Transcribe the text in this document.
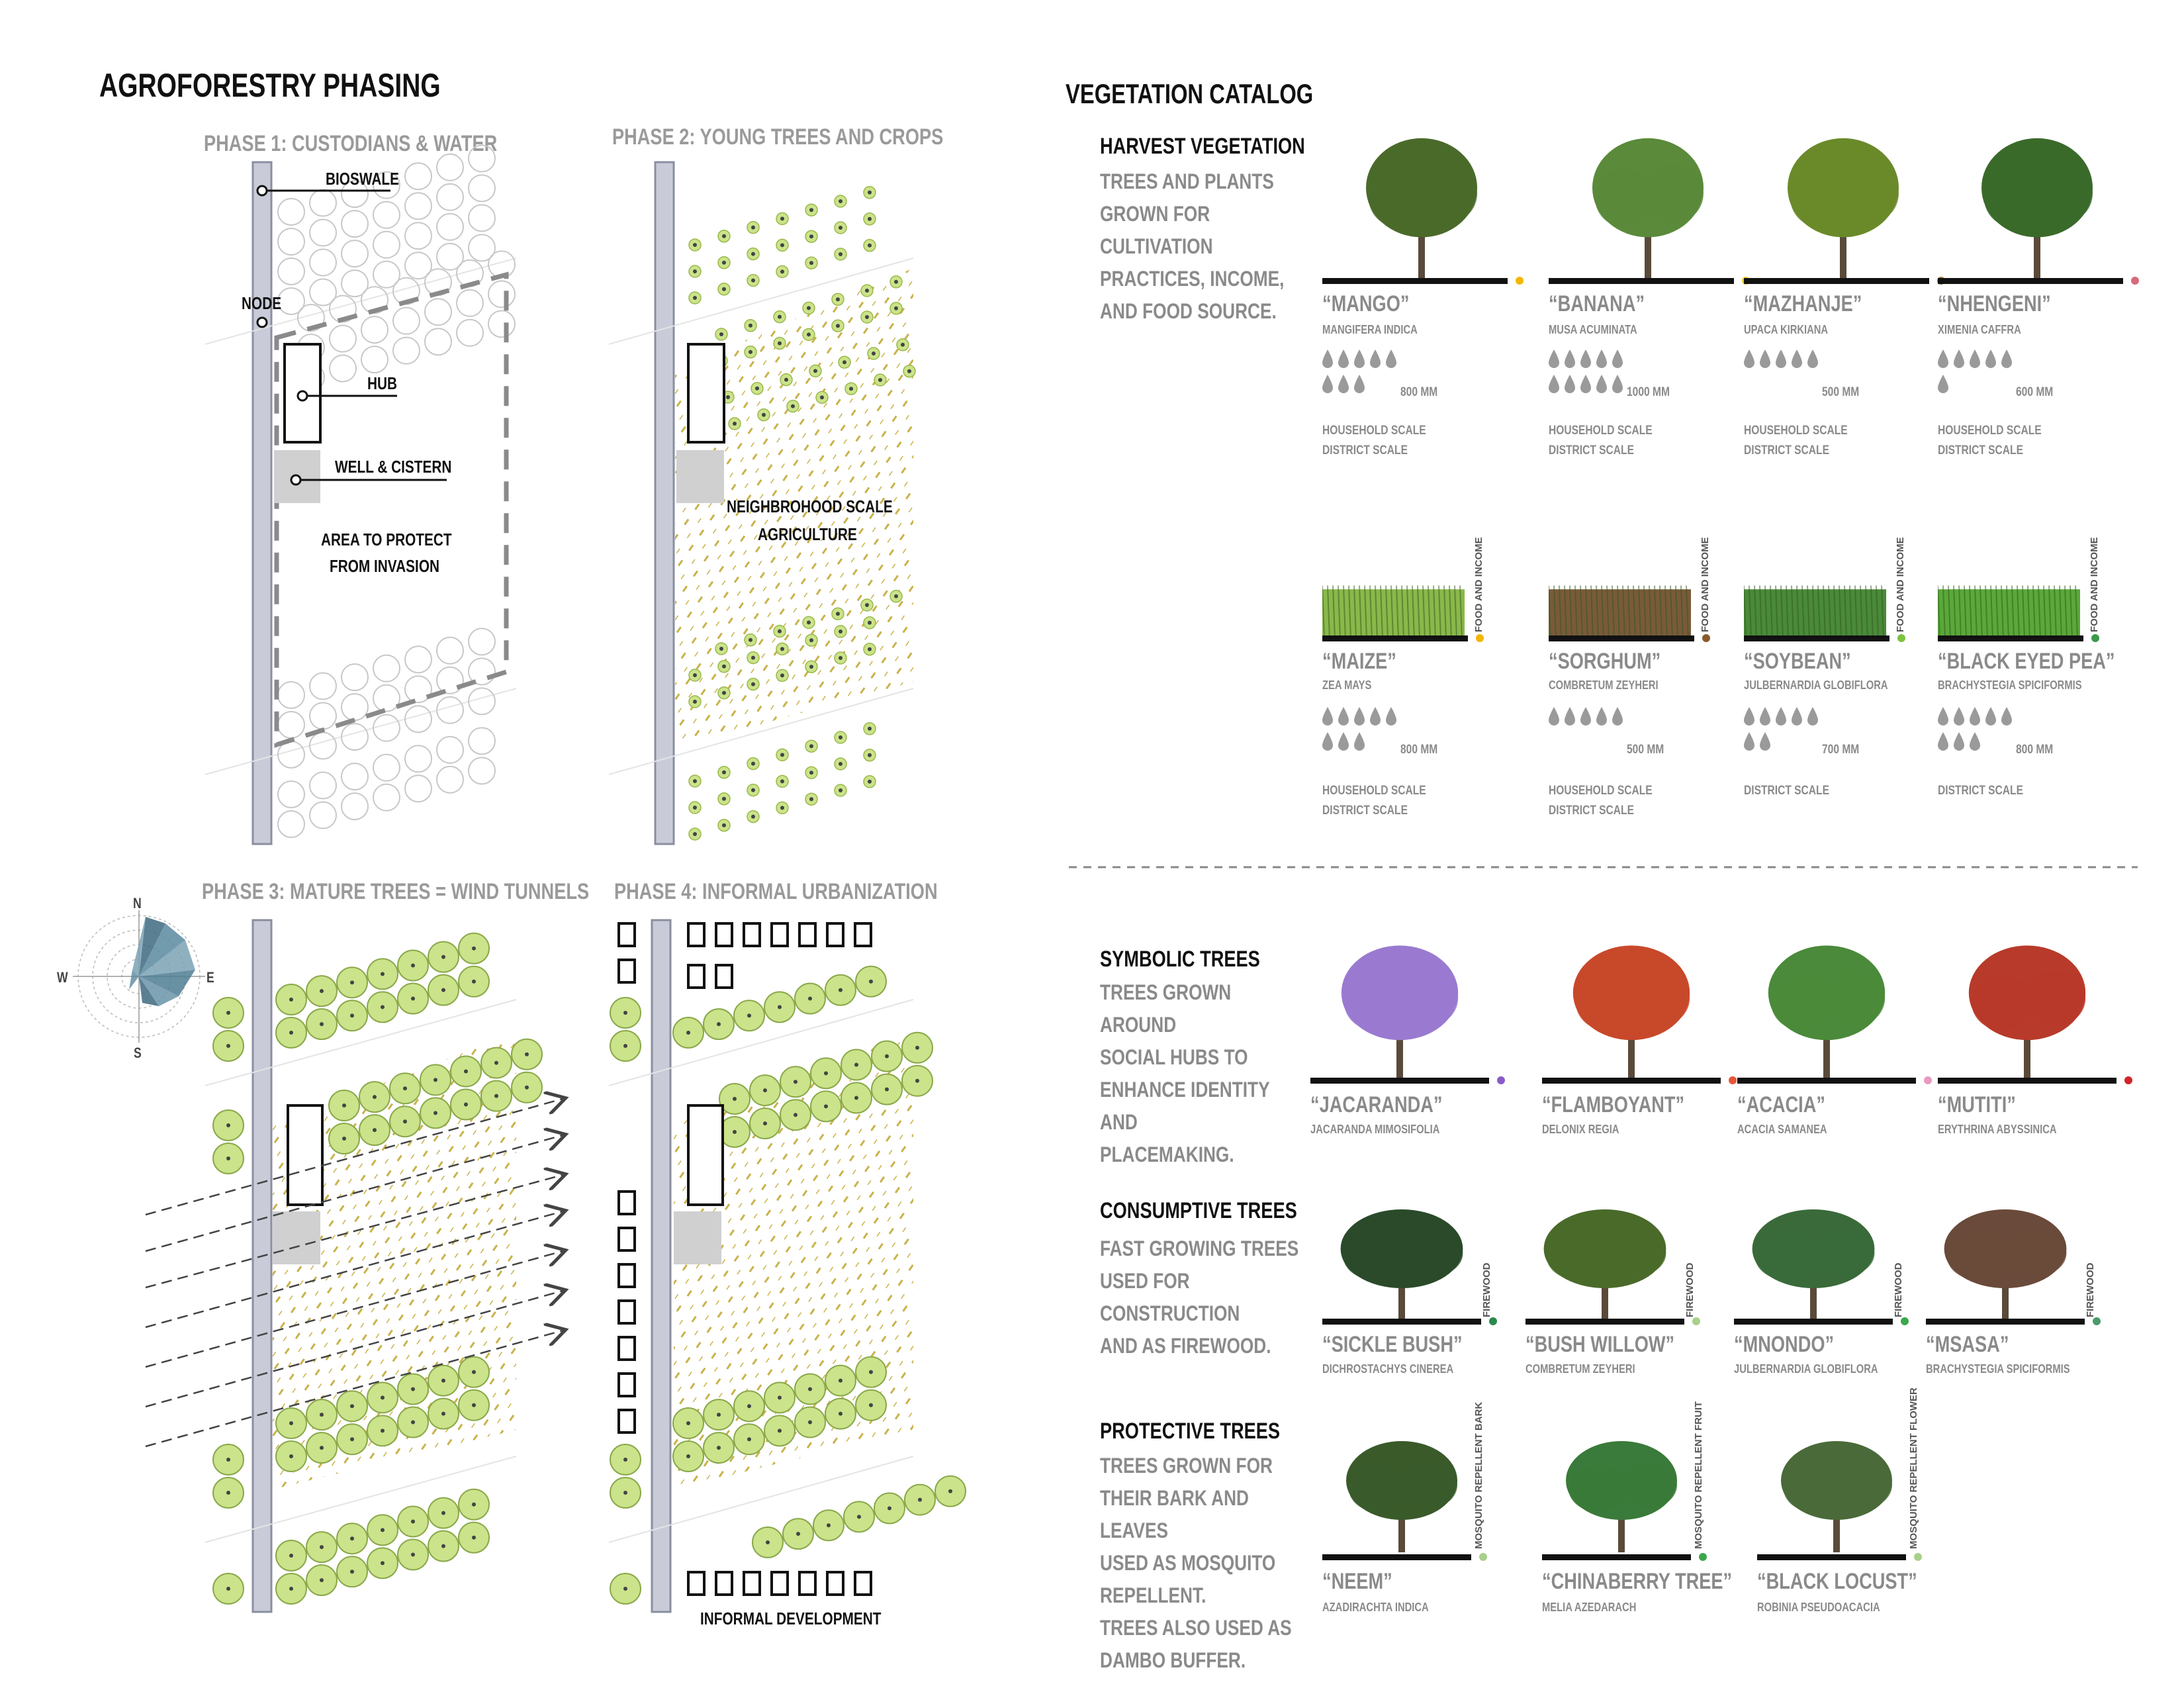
AGROFORESTRY PHASING
PHASE 1: CUSTODIANS & WATER	PHASE 2: YOUNG TREES AND CROPS
PHASE 3: MATURE TREES = WIND TUNNELS PHASE 4: INFORMAL URBANIZATION
BIOSWALE
NODE
HUB
WELL & CISTERN
AREA TO PROTECT
FROM INVASION
NEIGHBROHOOD SCALE
AGRICULTURE
INFORMAL DEVELOPMENT
N
S
E
W
VEGETATION CATALOG
HARVEST VEGETATION
TREES AND PLANTS
GROWN FOR CULTIVATION
PRACTICES, INCOME,
AND FOOD SOURCE.
SYMBOLIC TREES
TREES GROWN AROUND
SOCIAL HUBS TO
ENHANCE IDENTITY AND
PLACEMAKING.
CONSUMPTIVE TREES
FAST GROWING TREES
USED FOR CONSTRUCTION
AND AS FIREWOOD.
PROTECTIVE TREES
TREES GROWN FOR
THEIR BARK AND LEAVES
USED AS MOSQUITO
REPELLENT.
TREES ALSO USED AS
DAMBO BUFFER.
“MANGO”
MANGIFERA INDICA
800 MM
HOUSEHOLD SCALE
DISTRICT SCALE
“BANANA”
MUSA ACUMINATA
1000 MM
HOUSEHOLD SCALE
DISTRICT SCALE
“MAZHANJE”
UPACA KIRKIANA
500 MM
HOUSEHOLD SCALE
DISTRICT SCALE
“NHENGENI”
XIMENIA CAFFRA
600 MM
HOUSEHOLD SCALE
DISTRICT SCALE
FOOD AND INCOME
“MAIZE”
ZEA MAYS
800 MM
HOUSEHOLD SCALE
DISTRICT SCALE
FOOD AND INCOME
“SORGHUM”
COMBRETUM ZEYHERI
500 MM
HOUSEHOLD SCALE
DISTRICT SCALE
FOOD AND INCOME
“SOYBEAN”
JULBERNARDIA GLOBIFLORA
700 MM
DISTRICT SCALE
FOOD AND INCOME
“BLACK EYED PEA”
BRACHYSTEGIA SPICIFORMIS
800 MM
DISTRICT SCALE
“JACARANDA”
JACARANDA MIMOSIFOLIA
“FLAMBOYANT”
DELONIX REGIA
“ACACIA”
ACACIA SAMANEA
“MUTITI”
ERYTHRINA ABYSSINICA
FIREWOOD
“SICKLE BUSH”
DICHROSTACHYS CINEREA
FIREWOOD
“BUSH WILLOW”
COMBRETUM ZEYHERI
FIREWOOD
“MNONDO”
JULBERNARDIA GLOBIFLORA
FIREWOOD
“MSASA”
BRACHYSTEGIA SPICIFORMIS
MOSQUITO REPELLENT BARK
“NEEM”
AZADIRACHTA INDICA
MOSQUITO REPELLENT FRUIT
“CHINABERRY TREE”
MELIA AZEDARACH
MOSQUITO REPELLENT FLOWER
“BLACK LOCUST”
ROBINIA PSEUDOACACIA
